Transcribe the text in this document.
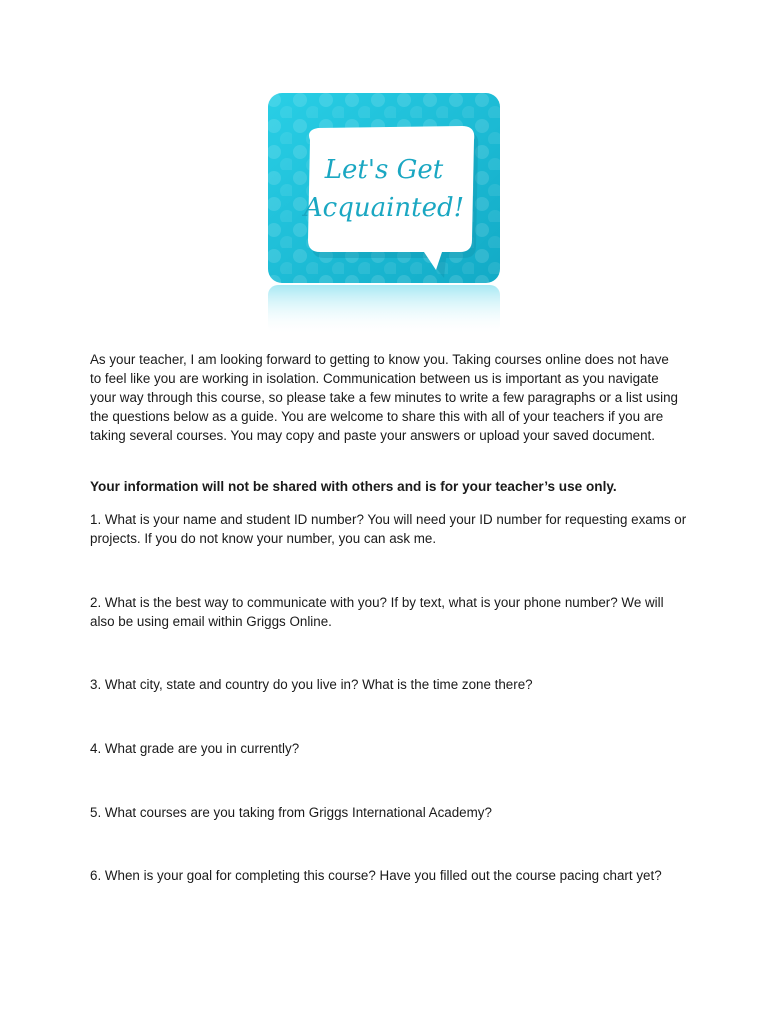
Let's Get
Acquainted!

As your teacher, I am looking forward to getting to know you. Taking courses online does not have to feel like you are working in isolation. Communication between us is important as you navigate your way through this course, so please take a few minutes to write a few paragraphs or a list using the questions below as a guide. You are welcome to share this with all of your teachers if you are taking several courses. You may copy and paste your answers or upload your saved document.

Your information will not be shared with others and is for your teacher’s use only.

1. What is your name and student ID number? You will need your ID number for requesting exams or projects. If you do not know your number, you can ask me.

2. What is the best way to communicate with you? If by text, what is your phone number? We will also be using email within Griggs Online.

3. What city, state and country do you live in? What is the time zone there?

4. What grade are you in currently?

5. What courses are you taking from Griggs International Academy?

6. When is your goal for completing this course? Have you filled out the course pacing chart yet?
